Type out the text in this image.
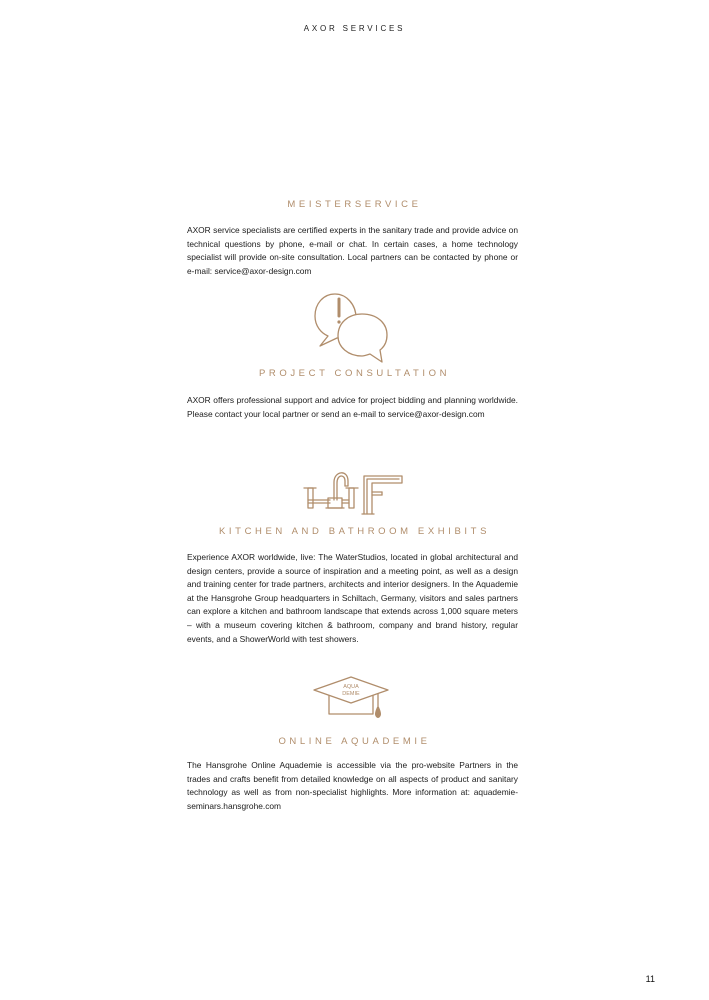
AXOR SERVICES
MEISTERSERVICE

AXOR service specialists are certified experts in the sanitary trade and provide advice on technical questions by phone, e-mail or chat. In certain cases, a home technology specialist will provide on-site consultation. Local partners can be contacted by phone or e-mail: service@axor-design.com

PROJECT CONSULTATION

AXOR offers professional support and advice for project bidding and planning worldwide. Please contact your local partner or send an e-mail to service@axor-design.com

KITCHEN AND BATHROOM EXHIBITS

Experience AXOR worldwide, live: The WaterStudios, located in global architectural and design centers, provide a source of inspiration and a meeting point, as well as a design and training center for trade partners, architects and interior designers. In the Aquademie at the Hansgrohe Group headquarters in Schiltach, Germany, visitors and sales partners can explore a kitchen and bathroom landscape that extends across 1,000 square meters – with a museum covering kitchen & bathroom, company and brand history, regular events, and a ShowerWorld with test showers.

AQUA
DEMIE
ONLINE AQUADEMIE

The Hansgrohe Online Aquademie is accessible via the pro-website Partners in the trades and crafts benefit from detailed knowledge on all aspects of product and sanitary technology as well as from non-specialist highlights. More information at: aquademie-seminars.hansgrohe.com

11
